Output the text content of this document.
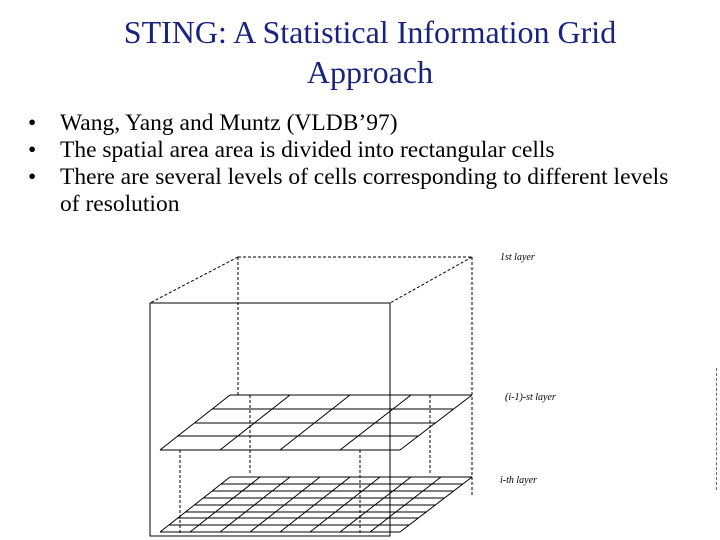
STING: A Statistical Information Grid
Approach
• Wang, Yang and Muntz (VLDB’97)
• The spatial area area is divided into rectangular cells
• There are several levels of cells corresponding to different levels of resolution
1st layer
(i-1)-st layer
i-th layer
